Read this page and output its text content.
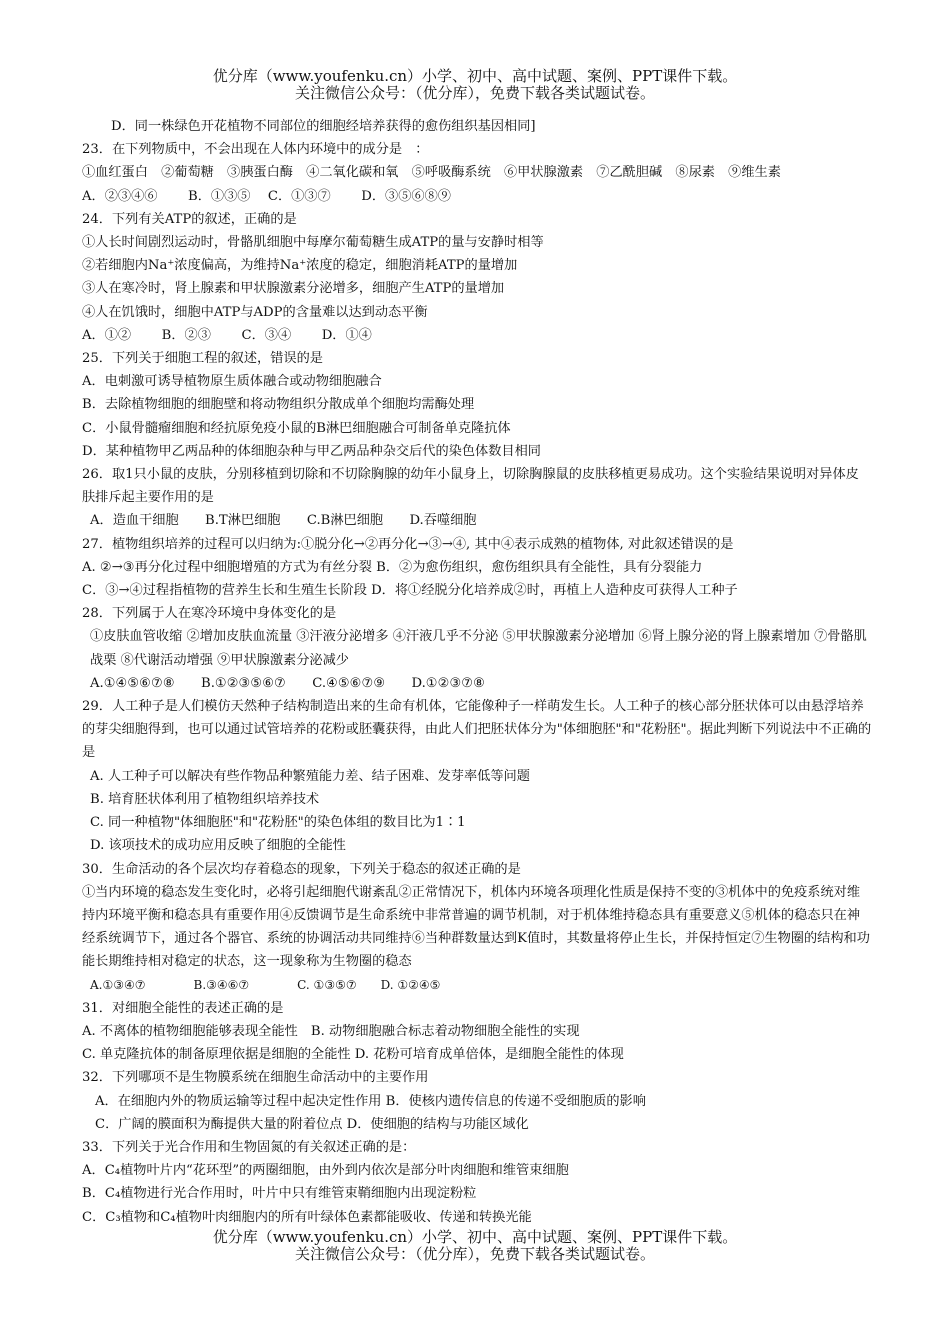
优分库（www.youfenku.cn）小学、初中、高中试题、案例、PPT课件下载。
关注微信公众号：（优分库），免费下载各类试题试卷。
D．同一株绿色开花植物不同部位的细胞经培养获得的愈伤组织基因相同]
23．在下列物质中，不会出现在人体内环境中的成分是　：
①血红蛋白　②葡萄糖　③胰蛋白酶　④二氧化碳和氧　⑤呼吸酶系统　⑥甲状腺激素　⑦乙酰胆碱　⑧尿素　⑨维生素
A．②③④⑥　　 B．①③⑤　 C．①③⑦　　 D．③⑤⑥⑧⑨
24．下列有关ATP的叙述，正确的是
①人长时间剧烈运动时，骨骼肌细胞中每摩尔葡萄糖生成ATP的量与安静时相等
②若细胞内Na⁺浓度偏高，为维持Na⁺浓度的稳定，细胞消耗ATP的量增加
③人在寒冷时，肾上腺素和甲状腺激素分泌增多，细胞产生ATP的量增加
④人在饥饿时，细胞中ATP与ADP的含量难以达到动态平衡
A．①②　　 B．②③　　 C．③④　　 D．①④
25．下列关于细胞工程的叙述，错误的是
A．电刺激可诱导植物原生质体融合或动物细胞融合
B．去除植物细胞的细胞壁和将动物组织分散成单个细胞均需酶处理
C．小鼠骨髓瘤细胞和经抗原免疫小鼠的B淋巴细胞融合可制备单克隆抗体
D．某种植物甲乙两品种的体细胞杂种与甲乙两品种杂交后代的染色体数目相同
26．取1只小鼠的皮肤，分别移植到切除和不切除胸腺的幼年小鼠身上，切除胸腺鼠的皮肤移植更易成功。这个实验结果说明对异体皮肤排斥起主要作用的是
A．造血干细胞　　B.T淋巴细胞　　C.B淋巴细胞　　D.吞噬细胞
27．植物组织培养的过程可以归纳为:①脱分化→②再分化→③→④, 其中④表示成熟的植物体, 对此叙述错误的是
A. ②→③再分化过程中细胞增殖的方式为有丝分裂 B．②为愈伤组织，愈伤组织具有全能性，具有分裂能力
C．③→④过程指植物的营养生长和生殖生长阶段 D．将①经脱分化培养成②时，再植上人造种皮可获得人工种子
28．下列属于人在寒冷环境中身体变化的是
①皮肤血管收缩 ②增加皮肤血流量 ③汗液分泌增多 ④汗液几乎不分泌 ⑤甲状腺激素分泌增加 ⑥肾上腺分泌的肾上腺素增加 ⑦骨骼肌战栗 ⑧代谢活动增强 ⑨甲状腺激素分泌减少
A.①④⑤⑥⑦⑧　　B.①②③⑤⑥⑦　　C.④⑤⑥⑦⑨　　D.①②③⑦⑧
29．人工种子是人们模仿天然种子结构制造出来的生命有机体，它能像种子一样萌发生长。人工种子的核心部分胚状体可以由悬浮培养的芽尖细胞得到，也可以通过试管培养的花粉或胚囊获得，由此人们把胚状体分为"体细胞胚"和"花粉胚"。据此判断下列说法中不正确的是
A. 人工种子可以解决有些作物品种繁殖能力差、结子困难、发芽率低等问题
B. 培育胚状体利用了植物组织培养技术
C. 同一种植物"体细胞胚"和"花粉胚"的染色体组的数目比为1∶1
D. 该项技术的成功应用反映了细胞的全能性
30．生命活动的各个层次均存着稳态的现象，下列关于稳态的叙述正确的是
①当内环境的稳态发生变化时，必将引起细胞代谢紊乱②正常情况下，机体内环境各项理化性质是保持不变的③机体中的免疫系统对维持内环境平衡和稳态具有重要作用④反馈调节是生命系统中非常普遍的调节机制，对于机体维持稳态具有重要意义⑤机体的稳态只在神经系统调节下，通过各个器官、系统的协调活动共同维持⑥当种群数量达到K值时，其数量将停止生长，并保持恒定⑦生物圈的结构和功能长期维持相对稳定的状态，这一现象称为生物圈的稳态
A.①③④⑦　　　　B.③④⑥⑦　　　　C. ①③⑤⑦　　D. ①②④⑤
31．对细胞全能性的表述正确的是
A. 不离体的植物细胞能够表现全能性　B. 动物细胞融合标志着动物细胞全能性的实现
C. 单克隆抗体的制备原理依据是细胞的全能性 D. 花粉可培育成单倍体，是细胞全能性的体现
32．下列哪项不是生物膜系统在细胞生命活动中的主要作用
A．在细胞内外的物质运输等过程中起决定性作用 B．使核内遗传信息的传递不受细胞质的影响
C．广阔的膜面积为酶提供大量的附着位点 D．使细胞的结构与功能区域化
33．下列关于光合作用和生物固氮的有关叙述正确的是：
A．C₄植物叶片内“花环型”的两圈细胞，由外到内依次是部分叶肉细胞和维管束细胞
B．C₄植物进行光合作用时，叶片中只有维管束鞘细胞内出现淀粉粒
C．C₃植物和C₄植物叶肉细胞内的所有叶绿体色素都能吸收、传递和转换光能
优分库（www.youfenku.cn）小学、初中、高中试题、案例、PPT课件下载。
关注微信公众号：（优分库），免费下载各类试题试卷。
